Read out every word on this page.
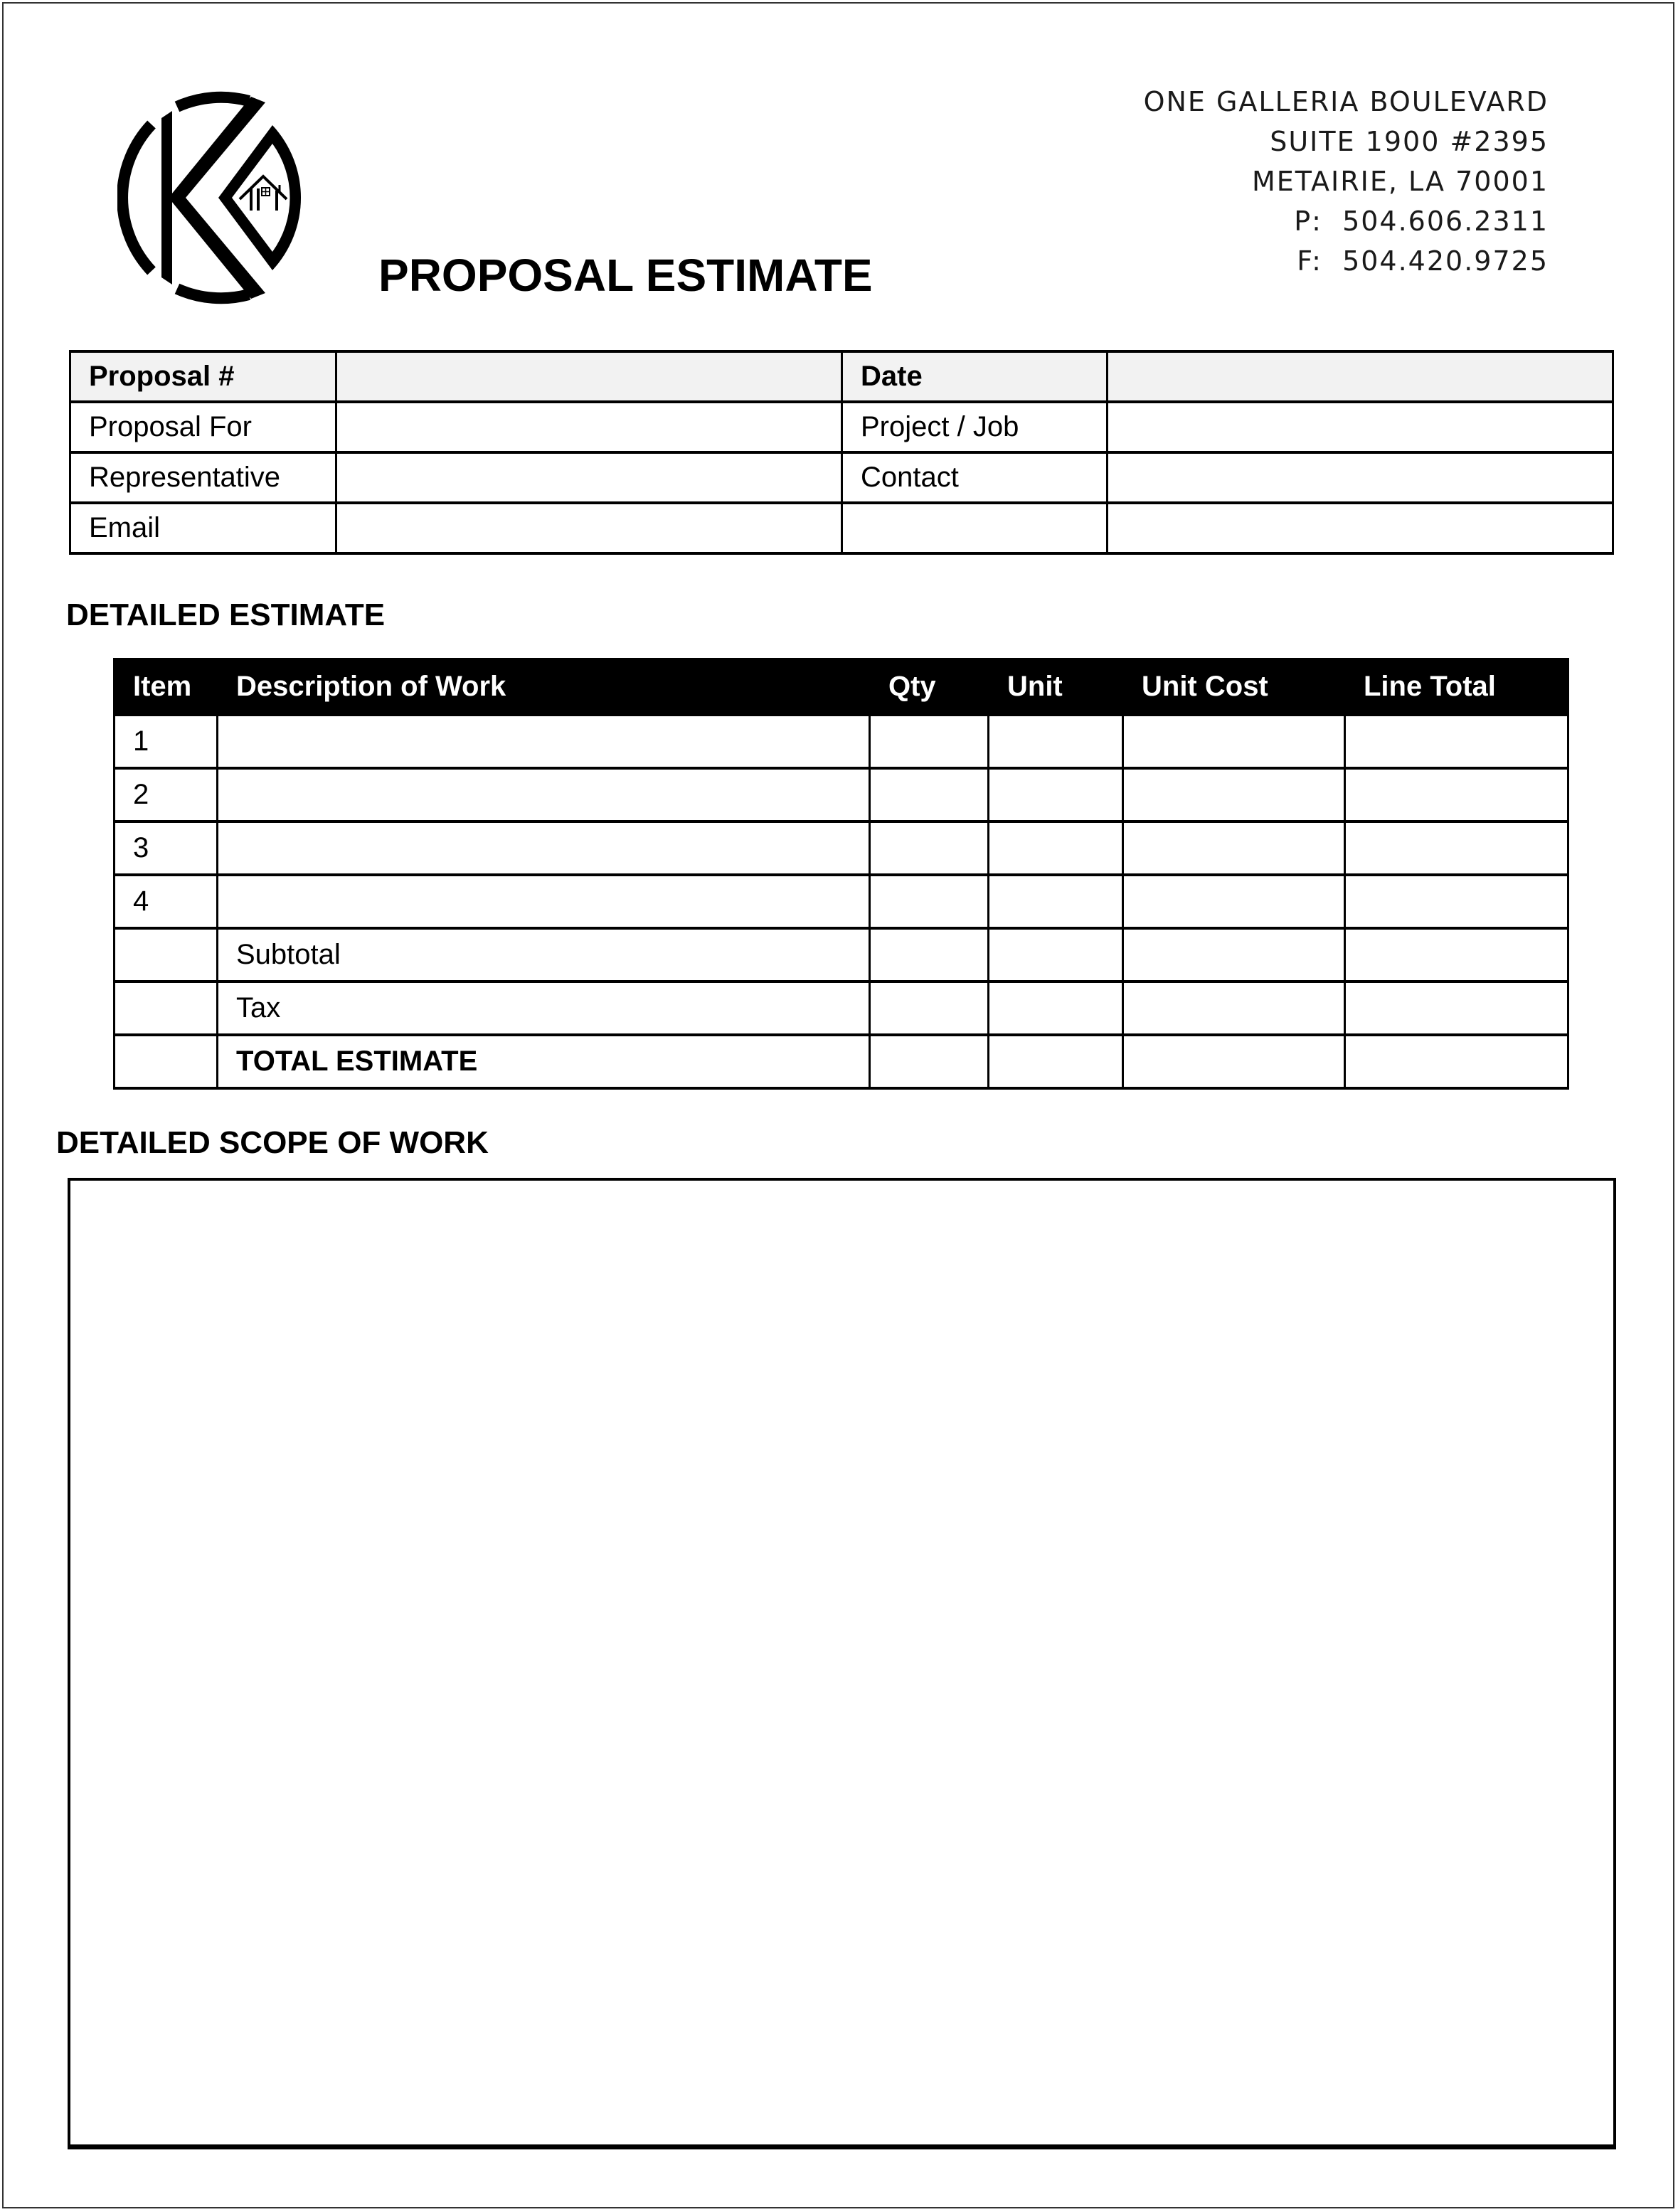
PROPOSAL ESTIMATE
ONE GALLERIA BOULEVARD
SUITE 1900 #2395
METAIRIE, LA 70001
P:  504.606.2311
F:  504.420.9725
Proposal #		Date	
Proposal For		Project / Job	
Representative		Contact	
Email			
DETAILED ESTIMATE
Item	Description of Work	Qty	Unit	Unit Cost	Line Total
1					
2					
3					
4					
	Subtotal				
	Tax				
	TOTAL ESTIMATE				
DETAILED SCOPE OF WORK
